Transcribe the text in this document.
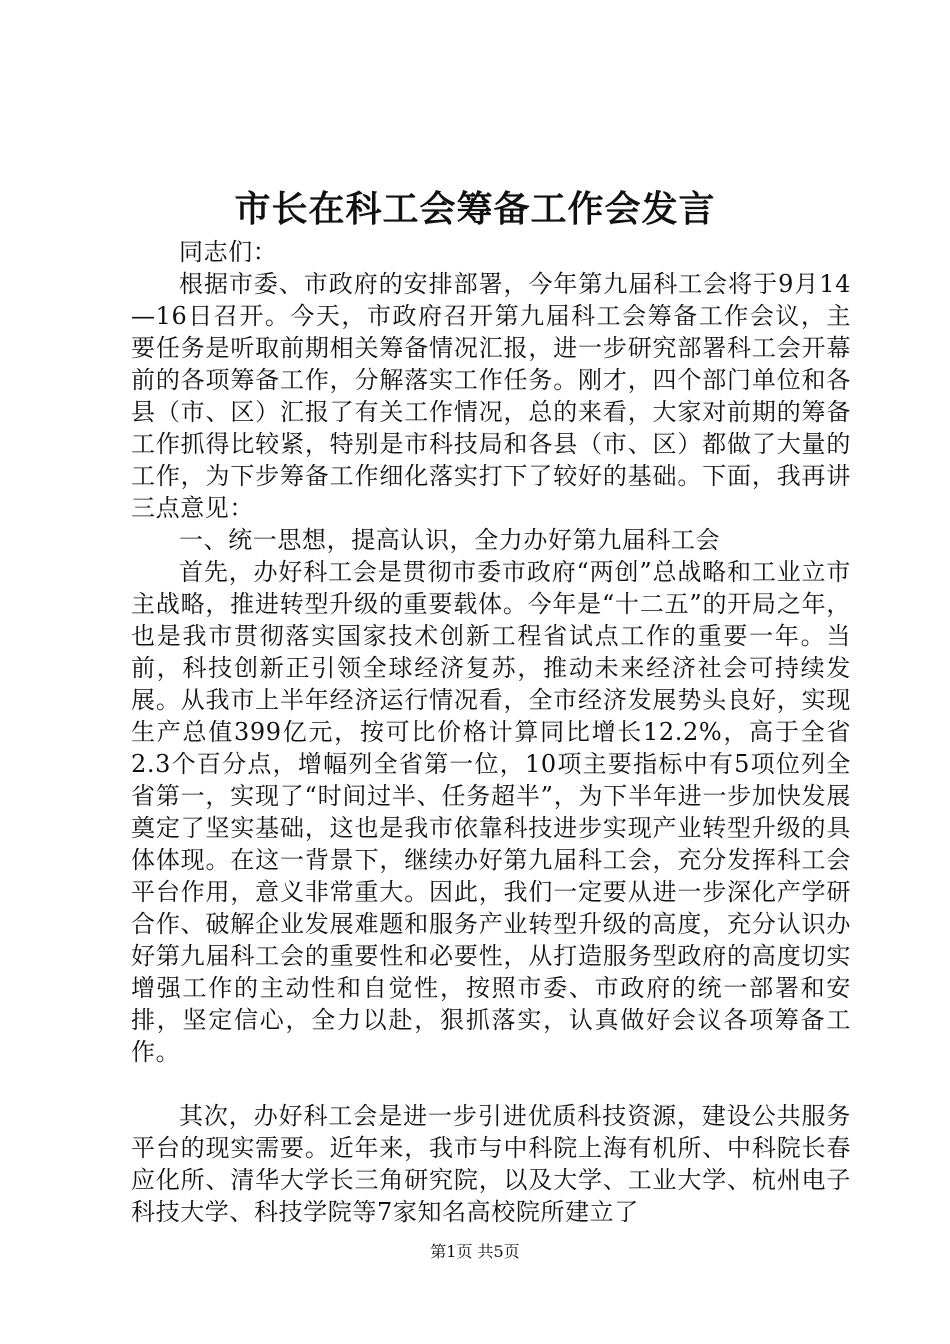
市长在科工会筹备工作会发言

同志们：

根据市委、市政府的安排部署，今年第九届科工会将于9月14—16日召开。今天，市政府召开第九届科工会筹备工作会议，主要任务是听取前期相关筹备情况汇报，进一步研究部署科工会开幕前的各项筹备工作，分解落实工作任务。刚才，四个部门单位和各县（市、区）汇报了有关工作情况，总的来看，大家对前期的筹备工作抓得比较紧，特别是市科技局和各县（市、区）都做了大量的工作，为下步筹备工作细化落实打下了较好的基础。下面，我再讲三点意见：

一、统一思想，提高认识，全力办好第九届科工会

首先，办好科工会是贯彻市委市政府“两创”总战略和工业立市主战略，推进转型升级的重要载体。今年是“十二五”的开局之年，也是我市贯彻落实国家技术创新工程省试点工作的重要一年。当前，科技创新正引领全球经济复苏，推动未来经济社会可持续发展。从我市上半年经济运行情况看，全市经济发展势头良好，实现生产总值399亿元，按可比价格计算同比增长12.2%，高于全省2.3个百分点，增幅列全省第一位，10项主要指标中有5项位列全省第一，实现了“时间过半、任务超半”，为下半年进一步加快发展奠定了坚实基础，这也是我市依靠科技进步实现产业转型升级的具体体现。在这一背景下，继续办好第九届科工会，充分发挥科工会平台作用，意义非常重大。因此，我们一定要从进一步深化产学研合作、破解企业发展难题和服务产业转型升级的高度，充分认识办好第九届科工会的重要性和必要性，从打造服务型政府的高度切实增强工作的主动性和自觉性，按照市委、市政府的统一部署和安排，坚定信心，全力以赴，狠抓落实，认真做好会议各项筹备工作。

其次，办好科工会是进一步引进优质科技资源，建设公共服务平台的现实需要。近年来，我市与中科院上海有机所、中科院长春应化所、清华大学长三角研究院，以及大学、工业大学、杭州电子科技大学、科技学院等7家知名高校院所建立了

第1页 共5页
